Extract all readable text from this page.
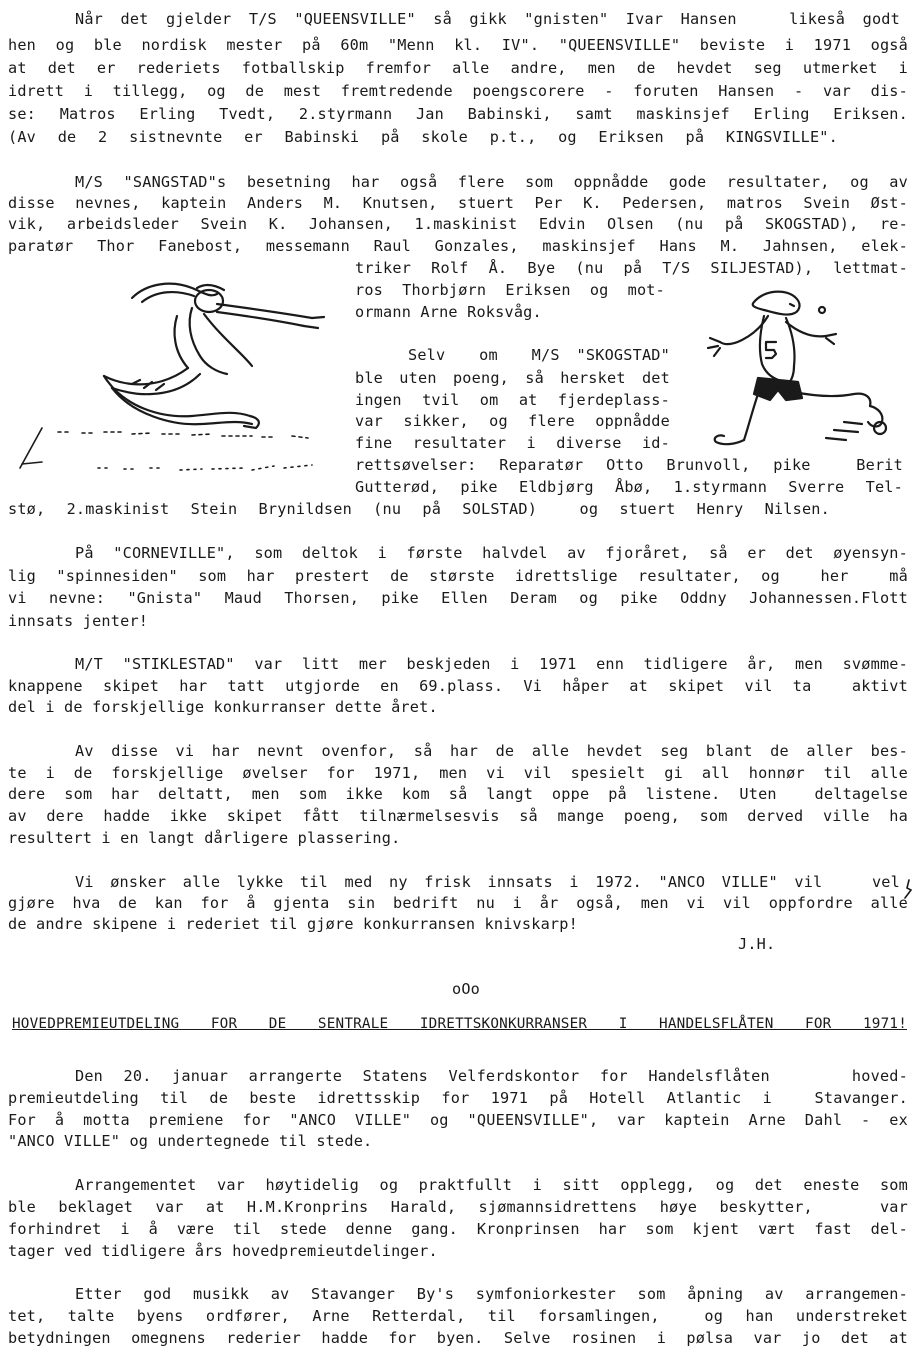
Når det gjelder T/S "QUEENSVILLE" så gikk "gnisten" Ivar Hansen   likeså godt
hen og ble nordisk mester på 60m "Menn kl. IV". "QUEENSVILLE" beviste i 1971 også
at det er rederiets fotballskip fremfor alle andre, men de hevdet seg utmerket i
idrett i tillegg, og de mest fremtredende poengscorere - foruten Hansen - var dis-
se: Matros Erling Tvedt, 2.styrmann Jan Babinski, samt maskinsjef Erling Eriksen.
(Av de 2 sistnevnte er Babinski på skole p.t., og Eriksen på KINGSVILLE".
M/S "SANGSTAD"s besetning har også flere som oppnådde gode resultater, og av
disse nevnes, kaptein Anders M. Knutsen, stuert Per K. Pedersen, matros Svein Øst-
vik, arbeidsleder Svein K. Johansen, 1.maskinist Edvin Olsen (nu på SKOGSTAD), re-
paratør Thor Fanebost, messemann Raul Gonzales, maskinsjef Hans M. Jahnsen, elek-
triker Rolf Å. Bye (nu på T/S SILJESTAD), lettmat-
ros Thorbjørn Eriksen og mot-
ormann Arne Roksvåg.
Selv  om  M/S "SKOGSTAD"
ble uten poeng, så hersket det
ingen tvil om at fjerdeplass-
var sikker, og flere oppnådde
fine resultater i diverse id-
rettsøvelser: Reparatør Otto Brunvoll, pike  Berit
Gutterød, pike Eldbjørg Åbø, 1.styrmann Sverre Tel-
stø, 2.maskinist Stein Brynildsen (nu på SOLSTAD)  og stuert Henry Nilsen.
På "CORNEVILLE", som deltok i første halvdel av fjoråret, så er det øyensyn-
lig "spinnesiden" som har prestert de største idrettslige resultater, og  her  må
vi nevne: "Gnista" Maud Thorsen, pike Ellen Deram og pike Oddny Johannessen.Flott
innsats jenter!
M/T "STIKLESTAD" var litt mer beskjeden i 1971 enn tidligere år, men svømme-
knappene skipet har tatt utgjorde en 69.plass. Vi håper at skipet vil ta  aktivt
del i de forskjellige konkurranser dette året.
Av disse vi har nevnt ovenfor, så har de alle hevdet seg blant de aller bes-
te i de forskjellige øvelser for 1971, men vi vil spesielt gi all honnør til alle
dere som har deltatt, men som ikke kom så langt oppe på listene. Uten  deltagelse
av dere hadde ikke skipet fått tilnærmelsesvis så mange poeng, som derved ville ha
resultert i en langt dårligere plassering.
Vi ønsker alle lykke til med ny frisk innsats i 1972. "ANCO VILLE" vil   vel
gjøre hva de kan for å gjenta sin bedrift nu i år også, men vi vil oppfordre alle
de andre skipene i rederiet til gjøre konkurransen knivskarp!
J.H.
oOo
HOVEDPREMIEUTDELING FOR DE SENTRALE IDRETTSKONKURRANSER I HANDELSFLÅTEN FOR 1971!
Den 20. januar arrangerte Statens Velferdskontor for Handelsflåten    hoved-
premieutdeling til de beste idrettsskip for 1971 på Hotell Atlantic i  Stavanger.
For å motta premiene for "ANCO VILLE" og "QUEENSVILLE", var kaptein Arne Dahl - ex
"ANCO VILLE" og undertegnede til stede.
Arrangementet var høytidelig og praktfullt i sitt opplegg, og det eneste som
ble beklaget var at H.M.Kronprins Harald, sjømannsidrettens høye beskytter,   var
forhindret i å være til stede denne gang. Kronprinsen har som kjent vært fast del-
tager ved tidligere års hovedpremieutdelinger.
Etter god musikk av Stavanger By's symfoniorkester som åpning av arrangemen-
tet, talte byens ordfører, Arne Retterdal, til forsamlingen,  og han understreket
betydningen omegnens rederier hadde for byen. Selve rosinen i pølsa var jo det at
